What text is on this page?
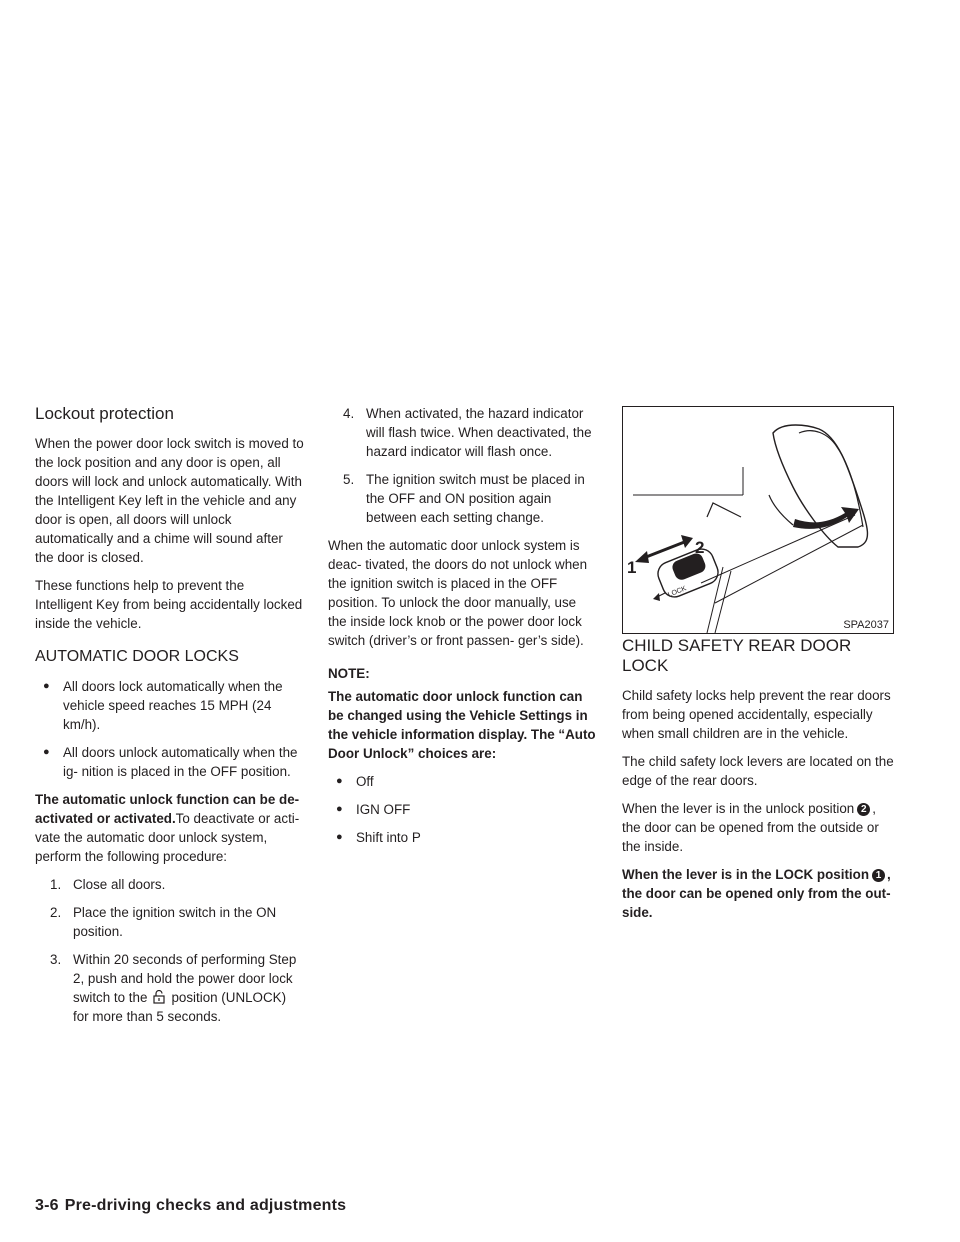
Lockout protection

When the power door lock switch is moved to the lock position and any door is open, all doors will lock and unlock automatically. With the Intelligent Key left in the vehicle and any door is open, all doors will unlock automatically and a chime will sound after the door is closed.

These functions help to prevent the Intelligent Key from being accidentally locked inside the vehicle.

AUTOMATIC DOOR LOCKS
● All doors lock automatically when the vehicle speed reaches 15 MPH (24 km/h).
● All doors unlock automatically when the ig- nition is placed in the OFF position.

The automatic unlock function can be de- activated or activated.To deactivate or acti- vate the automatic door unlock system, perform the following procedure:

1. Close all doors.
2. Place the ignition switch in the ON position.
3. Within 20 seconds of performing Step 2, push and hold the power door lock switch to the position (UNLOCK) for more than 5 seconds.
4. When activated, the hazard indicator will flash twice. When deactivated, the hazard indicator will flash once.
5. The ignition switch must be placed in the OFF and ON position again between each setting change.

When the automatic door unlock system is deac- tivated, the doors do not unlock when the ignition switch is placed in the OFF position. To unlock the door manually, use the inside lock knob or the power door lock switch (driver’s or front passen- ger’s side).

NOTE:

The automatic door unlock function can be changed using the Vehicle Settings in the vehicle information display. The “Auto Door Unlock” choices are:

● Off
● IGN OFF
● Shift into P
LOCK
1
2
SPA2037
CHILD SAFETY REAR DOOR LOCK

Child safety locks help prevent the rear doors from being opened accidentally, especially when small children are in the vehicle.

The child safety lock levers are located on the edge of the rear doors.

When the lever is in the unlock position 2 , the door can be opened from the outside or the inside.

When the lever is in the LOCK position 1 , the door can be opened only from the out- side.

3-6 Pre-driving checks and adjustments
